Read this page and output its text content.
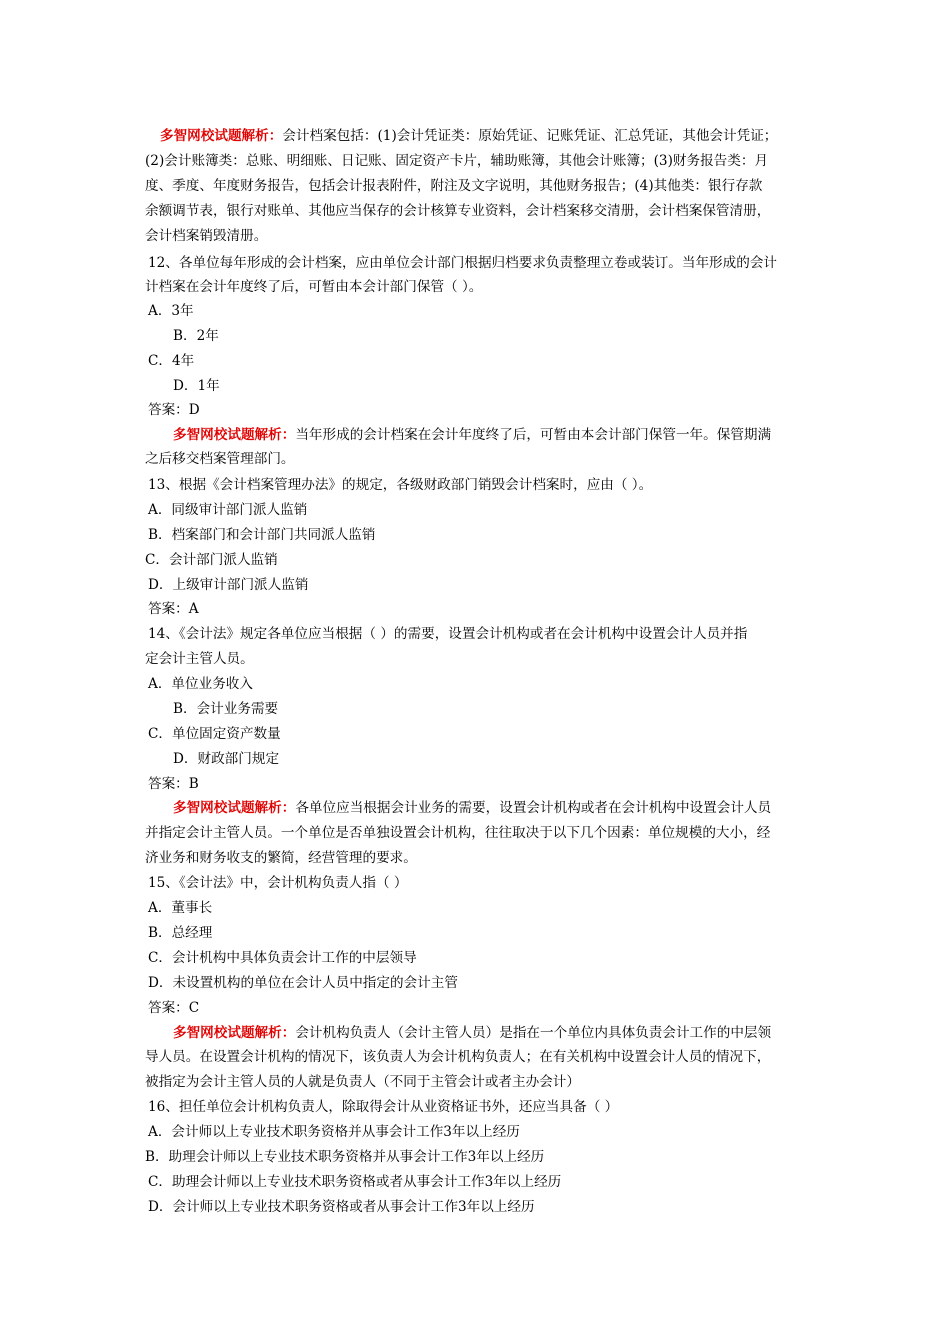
多智网校试题解析：会计档案包括：(1)会计凭证类：原始凭证、记账凭证、汇总凭证，其他会计凭证；
(2)会计账簿类：总账、明细账、日记账、固定资产卡片，辅助账簿，其他会计账簿；(3)财务报告类：月
度、季度、年度财务报告，包括会计报表附件，附注及文字说明，其他财务报告；(4)其他类：银行存款
余额调节表，银行对账单、其他应当保存的会计核算专业资料，会计档案移交清册，会计档案保管清册，
会计档案销毁清册。
12、各单位每年形成的会计档案，应由单位会计部门根据归档要求负责整理立卷或装订。当年形成的会计
计档案在会计年度终了后，可暂由本会计部门保管（ ）。
A．3年
B．2年
C．4年
D．1年
答案：D
多智网校试题解析：当年形成的会计档案在会计年度终了后，可暂由本会计部门保管一年。保管期满
之后移交档案管理部门。
13、根据《会计档案管理办法》的规定，各级财政部门销毁会计档案时，应由（ ）。
A．同级审计部门派人监销
B．档案部门和会计部门共同派人监销
C．会计部门派人监销
D．上级审计部门派人监销
答案：A
14、《会计法》规定各单位应当根据（ ）的需要，设置会计机构或者在会计机构中设置会计人员并指
定会计主管人员。
A．单位业务收入
B．会计业务需要
C．单位固定资产数量
D．财政部门规定
答案：B
多智网校试题解析：各单位应当根据会计业务的需要，设置会计机构或者在会计机构中设置会计人员
并指定会计主管人员。一个单位是否单独设置会计机构，往往取决于以下几个因素：单位规模的大小，经
济业务和财务收支的繁简，经营管理的要求。
15、《会计法》中，会计机构负责人指（ ）
A．董事长
B．总经理
C．会计机构中具体负责会计工作的中层领导
D．未设置机构的单位在会计人员中指定的会计主管
答案：C
多智网校试题解析：会计机构负责人（会计主管人员）是指在一个单位内具体负责会计工作的中层领
导人员。在设置会计机构的情况下，该负责人为会计机构负责人；在有关机构中设置会计人员的情况下，
被指定为会计主管人员的人就是负责人（不同于主管会计或者主办会计）
16、担任单位会计机构负责人，除取得会计从业资格证书外，还应当具备（ ）
A．会计师以上专业技术职务资格并从事会计工作3年以上经历
B．助理会计师以上专业技术职务资格并从事会计工作3年以上经历
C．助理会计师以上专业技术职务资格或者从事会计工作3年以上经历
D．会计师以上专业技术职务资格或者从事会计工作3年以上经历
